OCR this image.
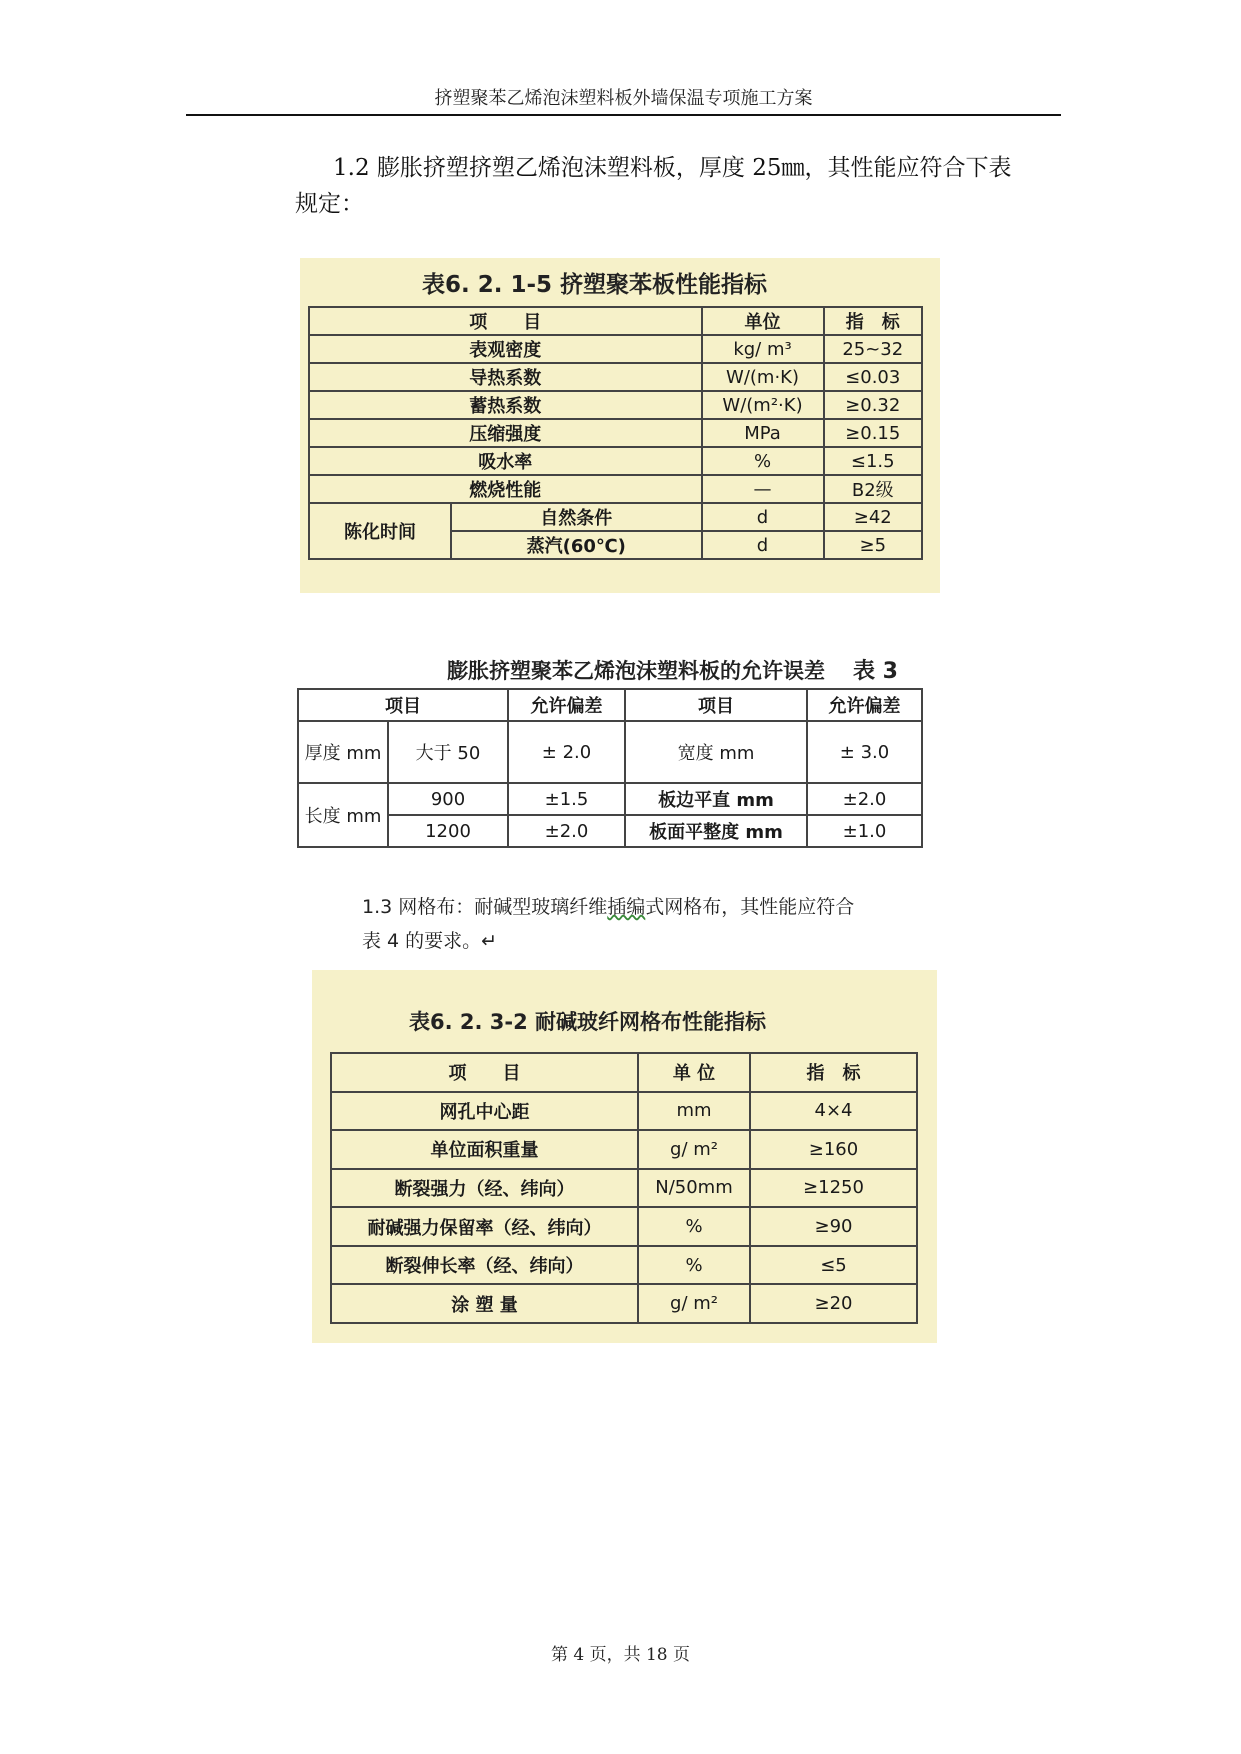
挤塑聚苯乙烯泡沫塑料板外墙保温专项施工方案
1.2 膨胀挤塑挤塑乙烯泡沫塑料板，厚度 25㎜，其性能应符合下表
规定：
表6. 2. 1-5 挤塑聚苯板性能指标
项　　目		单位	指　标
表观密度		kg/ m³	25~32
导热系数		W/(m·K)	≤0.03
蓄热系数		W/(m²·K)	≥0.32
压缩强度		MPa	≥0.15
吸水率		%	≤1.5
燃烧性能		—	B2级
陈化时间	自然条件	d	≥42
	蒸汽(60℃)	d	≥5
膨胀挤塑聚苯乙烯泡沫塑料板的允许误差 表 3
项目		允许偏差	项目	允许偏差
厚度 mm	大于 50	± 2.0	宽度 mm	± 3.0
长度 mm	900	±1.5	板边平直 mm	±2.0
	1200	±2.0	板面平整度 mm	±1.0
1.3 网格布：耐碱型玻璃纤维插编式网格布，其性能应符合
表 4 的要求。↵
表6. 2. 3-2 耐碱玻纤网格布性能指标
项　　目	单 位	指　标
网孔中心距	mm	4×4
单位面积重量	g/ m²	≥160
断裂强力（经、纬向）	N/50mm	≥1250
耐碱强力保留率（经、纬向）	%	≥90
断裂伸长率（经、纬向）	%	≤5
涂 塑 量	g/ m²	≥20
第 4 页，共 18 页
